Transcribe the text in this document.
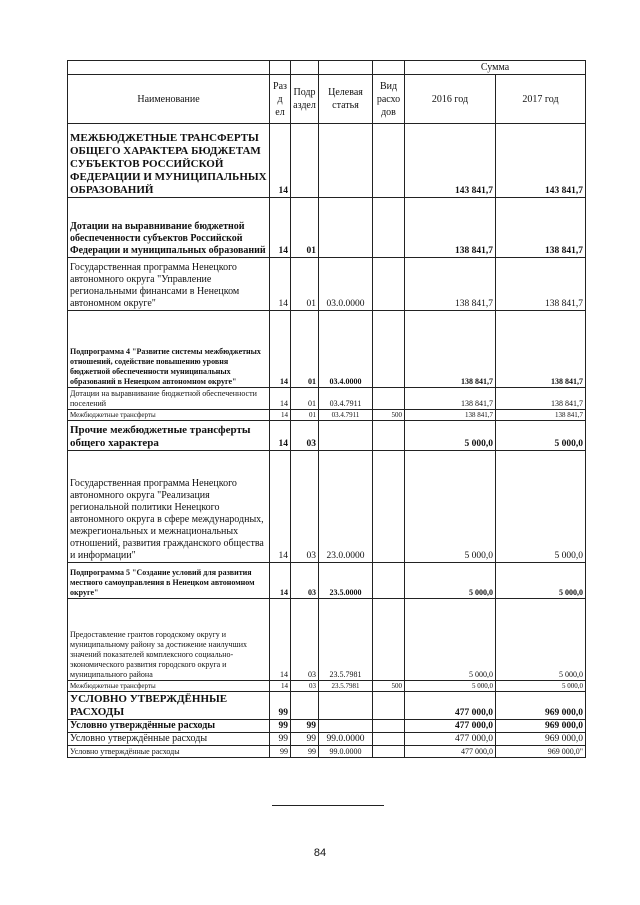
					Сумма	
Наименование	Разд ел	Подр аздел	Целевая статья	Вид расхо дов	2016 год	2017 год
МЕЖБЮДЖЕТНЫЕ ТРАНСФЕРТЫ ОБЩЕГО ХАРАКТЕРА БЮДЖЕТАМ СУБЪЕКТОВ РОССИЙСКОЙ ФЕДЕРАЦИИ И МУНИЦИПАЛЬНЫХ ОБРАЗОВАНИЙ	14				143 841,7	143 841,7
Дотации на выравнивание бюджетной обеспеченности субъектов Российской Федерации и муниципальных образований	14	01			138 841,7	138 841,7
Государственная программа Ненецкого автономного округа "Управление региональными финансами в Ненецком автономном округе"	14	01	03.0.0000		138 841,7	138 841,7
Подпрограмма 4 "Развитие системы межбюджетных отношений, содействие повышению уровня бюджетной обеспеченности муниципальных образований в Ненецком автономном округе"	14	01	03.4.0000		138 841,7	138 841,7
Дотации на выравнивание бюджетной обеспеченности поселений	14	01	03.4.7911		138 841,7	138 841,7
Межбюджетные трансферты	14	01	03.4.7911	500	138 841,7	138 841,7
Прочие межбюджетные трансферты общего характера	14	03			5 000,0	5 000,0
Государственная программа Ненецкого автономного округа "Реализация региональной политики Ненецкого автономного округа в сфере международных, межрегиональных и межнациональных отношений, развития гражданского общества и информации"	14	03	23.0.0000		5 000,0	5 000,0
Подпрограмма 5 "Создание условий для развития местного самоуправления в Ненецком автономном округе"	14	03	23.5.0000		5 000,0	5 000,0
Предоставление грантов городскому округу и муниципальному району за достижение наилучших значений показателей комплексного социально-экономического развития городского округа и муниципального района	14	03	23.5.7981		5 000,0	5 000,0
Межбюджетные трансферты	14	03	23.5.7981	500	5 000,0	5 000,0
УСЛОВНО УТВЕРЖДЁННЫЕ РАСХОДЫ	99				477 000,0	969 000,0
Условно утверждённые расходы	99	99			477 000,0	969 000,0
Условно утверждённые расходы	99	99	99.0.0000		477 000,0	969 000,0
Условно утверждённые расходы	99	99	99.0.0000		477 000,0	969 000,0"
84
